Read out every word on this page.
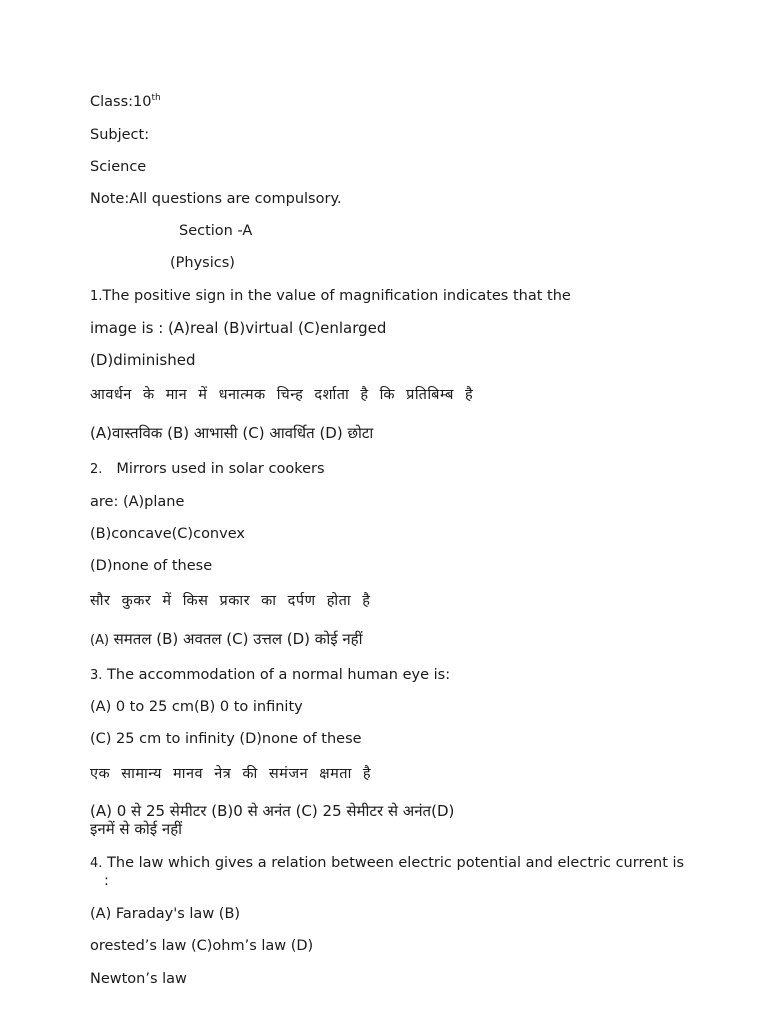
Class:10th
Subject:
Science
Note:All questions are compulsory.
Section -A
(Physics)
1.The positive sign in the value of magnification indicates that the
image is : (A)real (B)virtual (C)enlarged
(D)diminished
आवर्धन के मान में धनात्मक चिन्ह दर्शाता है कि प्रतिबिम्ब है
(A)वास्तविक (B) आभासी (C) आवर्धित (D) छोटा
2. Mirrors used in solar cookers
are: (A)plane
(B)concave(C)convex
(D)none of these
सौर कुकर में किस प्रकार का दर्पण होता है
(A) समतल (B) अवतल (C) उत्तल (D) कोई नहीं
3. The accommodation of a normal human eye is:
(A) 0 to 25 cm(B) 0 to infinity
(C) 25 cm to infinity (D)none of these
एक सामान्य मानव नेत्र की समंजन क्षमता है
(A) 0 से 25 सेमीटर (B)0 से अनंत (C) 25 सेमीटर से अनंत(D)
इनमें से कोई नहीं
4. The law which gives a relation between electric potential and electric current is
:
(A) Faraday's law (B)
orested’s law (C)ohm’s law (D)
Newton’s law
